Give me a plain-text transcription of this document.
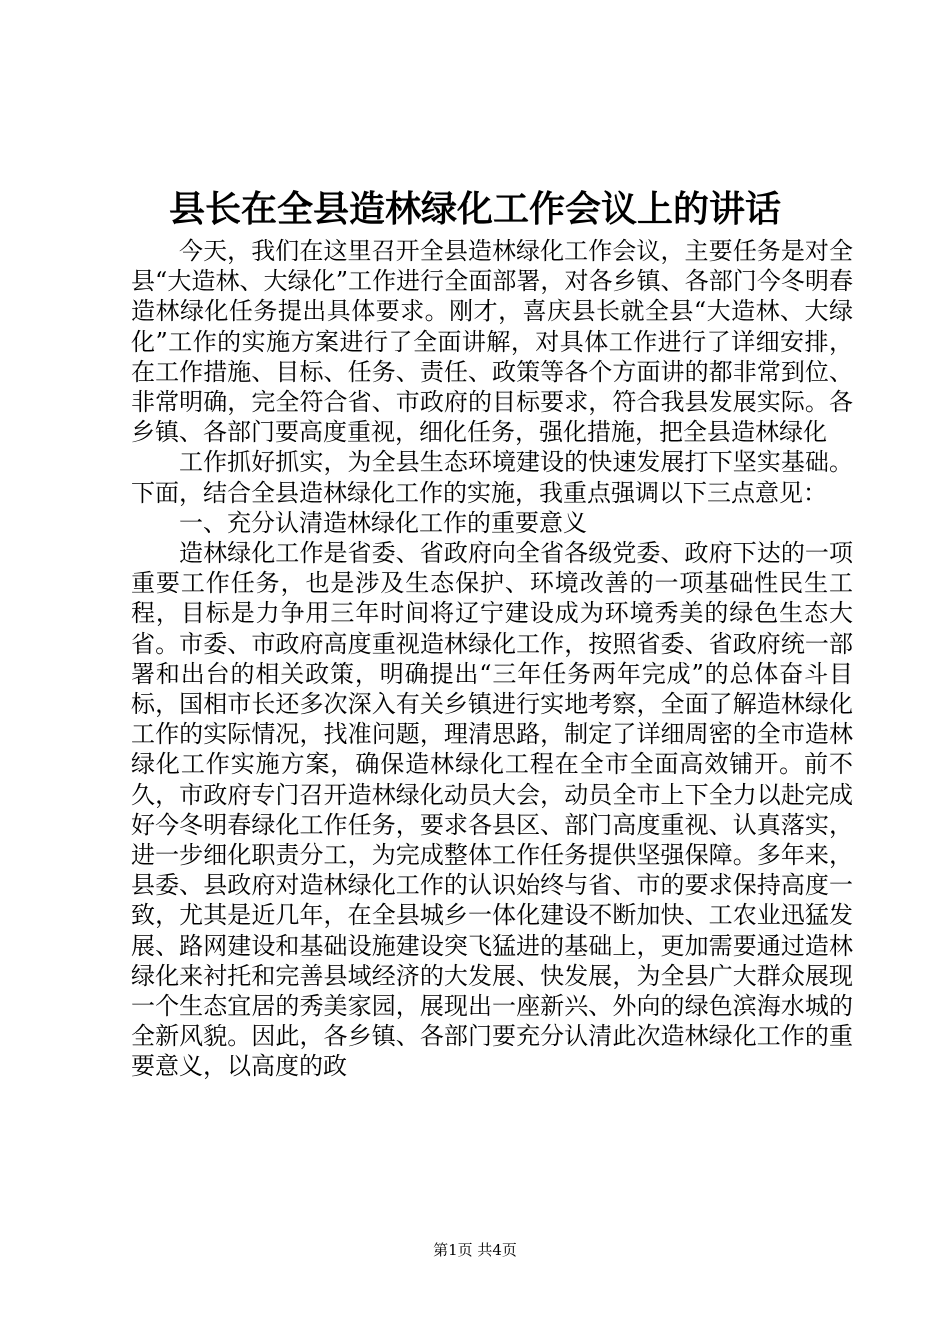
县长在全县造林绿化工作会议上的讲话

今天，我们在这里召开全县造林绿化工作会议，主要任务是对全县“大造林、大绿化”工作进行全面部署，对各乡镇、各部门今冬明春造林绿化任务提出具体要求。刚才，喜庆县长就全县“大造林、大绿化”工作的实施方案进行了全面讲解，对具体工作进行了详细安排，在工作措施、目标、任务、责任、政策等各个方面讲的都非常到位、非常明确，完全符合省、市政府的目标要求，符合我县发展实际。各乡镇、各部门要高度重视，细化任务，强化措施，把全县造林绿化

工作抓好抓实，为全县生态环境建设的快速发展打下坚实基础。下面，结合全县造林绿化工作的实施，我重点强调以下三点意见：

一、充分认清造林绿化工作的重要意义

造林绿化工作是省委、省政府向全省各级党委、政府下达的一项重要工作任务，也是涉及生态保护、环境改善的一项基础性民生工程，目标是力争用三年时间将辽宁建设成为环境秀美的绿色生态大省。市委、市政府高度重视造林绿化工作，按照省委、省政府统一部署和出台的相关政策，明确提出“三年任务两年完成”的总体奋斗目标，国相市长还多次深入有关乡镇进行实地考察，全面了解造林绿化工作的实际情况，找准问题，理清思路，制定了详细周密的全市造林绿化工作实施方案，确保造林绿化工程在全市全面高效铺开。前不久，市政府专门召开造林绿化动员大会，动员全市上下全力以赴完成好今冬明春绿化工作任务，要求各县区、部门高度重视、认真落实，进一步细化职责分工，为完成整体工作任务提供坚强保障。多年来，县委、县政府对造林绿化工作的认识始终与省、市的要求保持高度一致，尤其是近几年，在全县城乡一体化建设不断加快、工农业迅猛发展、路网建设和基础设施建设突飞猛进的基础上，更加需要通过造林绿化来衬托和完善县域经济的大发展、快发展，为全县广大群众展现一个生态宜居的秀美家园，展现出一座新兴、外向的绿色滨海水城的全新风貌。因此，各乡镇、各部门要充分认清此次造林绿化工作的重要意义，以高度的政

第1页 共4页
